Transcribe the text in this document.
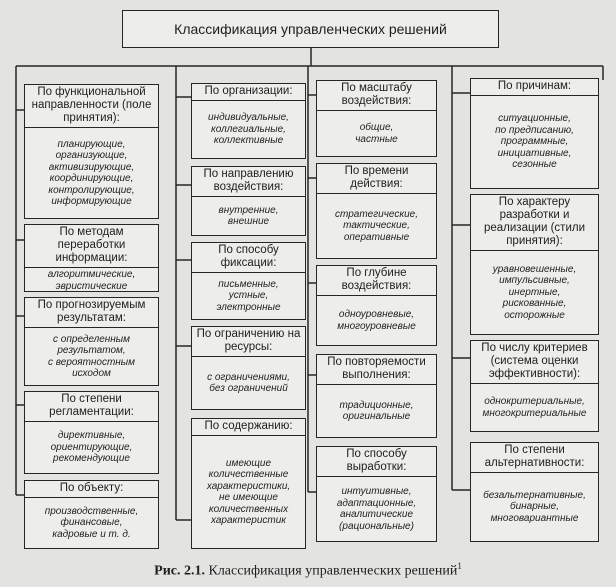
Классификация управленческих решений
По функциональной направленности (поле принятия):
планирующие,
организующие,
активизирующие,
координирующие,
контролирующие,
информирующие
По методам переработки информации:
алгоритмические,
эвристические
По прогнозируемым результатам:
с определенным
результатом,
с вероятностным
исходом
По степени регламентации:
директивные,
ориентирующие,
рекомендующие
По объекту:
производственные,
финансовые,
кадровые и т. д.
По организации:
индивидуальные,
коллегиальные,
коллективные
По направлению воздействия:
внутренние,
внешние
По способу фиксации:
письменные,
устные,
электронные
По ограничению на ресурсы:
с ограничениями,
без ограничений
По содержанию:
имеющие
количественные
характеристики,
не имеющие
количественных
характеристик
По масштабу воздействия:
общие,
частные
По времени действия:
стратегические,
тактические,
оперативные
По глубине воздействия:
одноуровневые,
многоуровневые
По повторяемости выполнения:
традиционные,
оригинальные
По способу выработки:
интуитивные,
адаптационные,
аналитические
(рациональные)
По причинам:
ситуационные,
по предписанию,
программные,
инициативные,
сезонные
По характеру разработки и реализации (стили принятия):
уравновешенные,
импульсивные,
инертные,
рискованные,
осторожные
По числу критериев (система оценки эффективности):
однокритериальные,
многокритериальные
По степени альтернативности:
безальтернативные,
бинарные,
многовариантные
Рис. 2.1. Классификация управленческих решений$^1$
